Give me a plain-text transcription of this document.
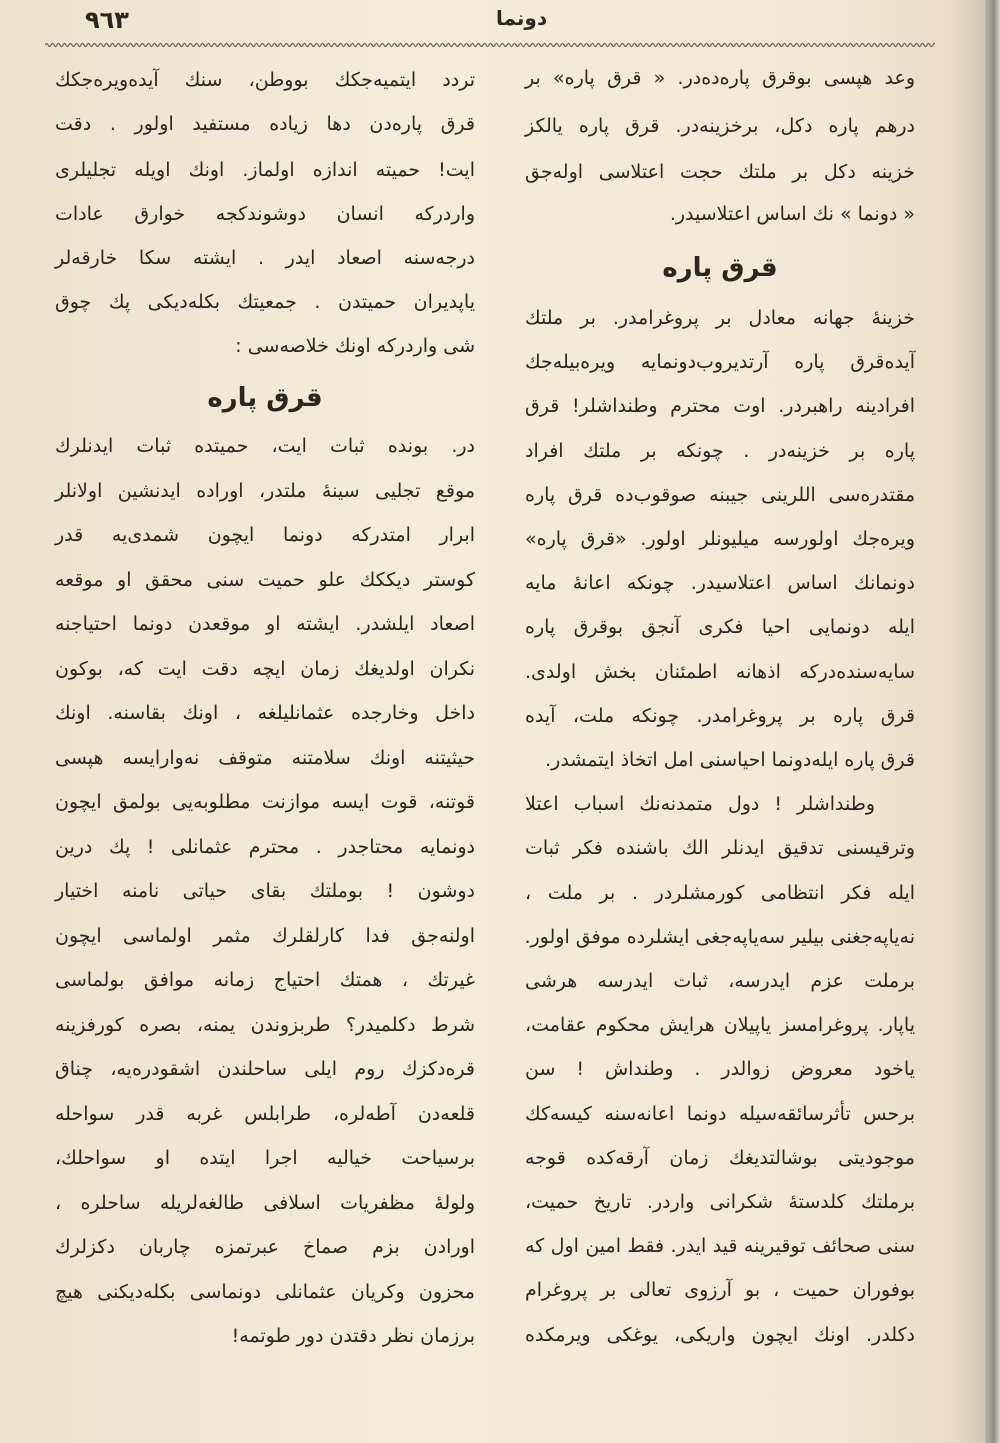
٩٦٣	دونما
وعد هپسى بوقرق پاره‌ده‌در. « قرق پاره» بر
درهم پاره دكل، برخزينه‌در. قرق پاره يالكز
خزينه دكل بر ملتك حجت اعتلاسى اوله‌جق
« دونما » نك اساس اعتلاسيدر.
قرق پاره
خزينهٔ جهانه معادل بر پروغرامدر. بر ملتك
آيده‌قرق پاره آرتديروب‌دونمايه ويره‌بيله‌جك
افرادينه راهبردر. اوت محترم وطنداشلر! قرق
پاره بر خزينه‌در . چونكه بر ملتك افراد
مقتدره‌سى اللرينى جيبنه صوقوب‌ده قرق پاره
ويره‌جك اولورسه ميليونلر اولور. «قرق پاره»
دونمانك اساس اعتلاسيدر. چونكه اعانهٔ مايه
ايله دونمايى احيا فكرى آنجق بوقرق پاره
سايه‌سنده‌دركه اذهانه اطمئنان بخش اولدى.
قرق پاره بر پروغرامدر. چونكه ملت، آيده
قرق پاره ايله‌دونما احياسنى امل اتخاذ ايتمشدر.
وطنداشلر ! دول متمدنه‌نك اسباب اعتلا
وترقيسنى تدقيق ايدنلر الك باشنده فكر ثبات
ايله فكر انتظامى كورمشلردر . بر ملت ،
نه‌ياپه‌جغنى بيلير سه‌ياپه‌جغى ايشلرده موفق اولور.
برملت عزم ايدرسه، ثبات ايدرسه هرشى
ياپار. پروغرامسز ياپيلان هرايش محكوم عقامت،
ياخود معروض زوالدر . وطنداش ! سن
برحس تأثرسائقه‌سيله دونما اعانه‌سنه كيسه‌كك
موجوديتى بوشالتديغك زمان آرقه‌كده قوجه
برملتك كلدستهٔ شكرانى واردر. تاريخ حميت،
سنى صحائف توقيرينه قيد ايدر. فقط امين اول كه
بوفوران حميت ، بو آرزوى تعالى بر پروغرام
دكلدر. اونك ايچون واريكى، يوغكى ويرمكده
تردد ايتميه‌جكك بووطن، سنك آيده‌ويره‌جكك
قرق پاره‌دن دها زياده مستفيد اولور . دقت
ايت! حميته اندازه اولماز. اونك اويله تجليلرى
واردركه انسان دوشوندكجه خوارق عادات
درجه‌سنه اصعاد ايدر . ايشته سكا خارقه‌لر
ياپديران حميتدن . جمعيتك بكله‌ديكى پك چوق
شى واردركه اونك خلاصه‌سى :
قرق پاره
در. بونده ثبات ايت، حميتده ثبات ايدنلرك
موقع تجليى سينهٔ ملتدر، اوراده ايدنشين اولانلر
ابرار امتدركه دونما ايچون شمدى‌يه قدر
كوستر ديككك علو حميت سنى محقق او موقعه
اصعاد ايلشدر. ايشته او موقعدن دونما احتياجنه
نكران اولديغك زمان ايچه دقت ايت كه، بوكون
داخل وخارجده عثمانليلغه ، اونك بقاسنه. اونك
حيثيتنه اونك سلامتنه متوقف نه‌وارايسه هپسى
قوتنه، قوت ايسه موازنت مطلوبه‌يى بولمق ايچون
دونمايه محتاجدر . محترم عثمانلى ! پك درين
دوشون ! بوملتك بقاى حياتى نامنه اختيار
اولنه‌جق فدا كارلقلرك مثمر اولماسى ايچون
غيرتك ، همتك احتياج زمانه موافق بولماسى
شرط دكلميدر؟ طربزوندن يمنه، بصره كورفزينه
قره‌دكزك روم ايلى ساحلندن اشقودره‌يه، چناق
قلعه‌دن آطه‌لره، طرابلس غربه قدر سواحله
برسياحت خياليه اجرا ايتده او سواحلك،
ولولهٔ مظفريات اسلافى طالغه‌لريله ساحلره ،
اورادن بزم صماخ عبرتمزه چاربان دكزلرك
محزون وكريان عثمانلى دونماسى بكله‌ديكنى هيچ
برزمان نظر دقتدن دور طوتمه!
